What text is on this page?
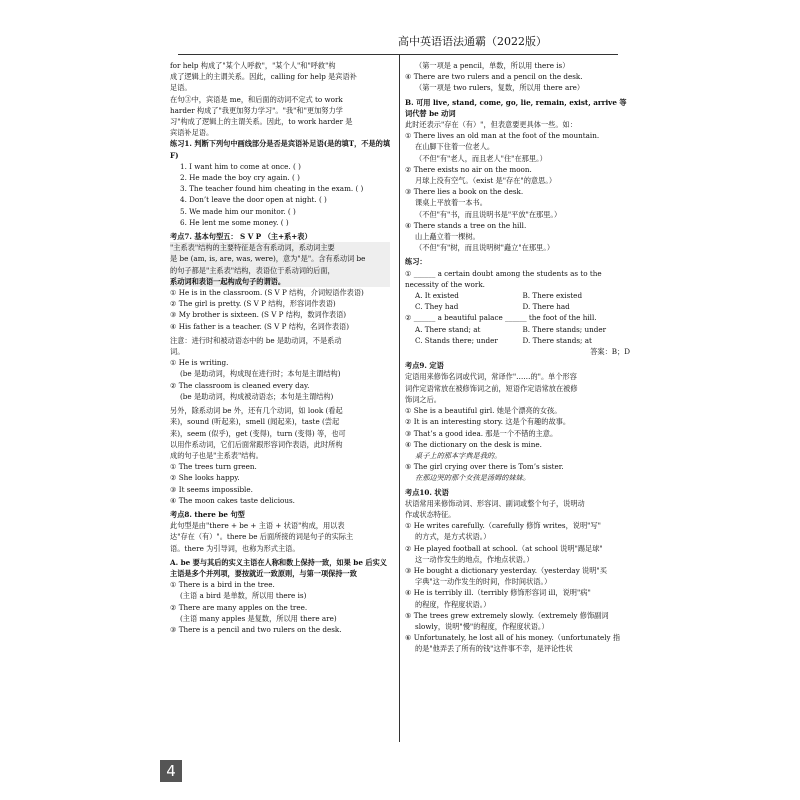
高中英语语法通霸（2022版）

for help 构成了"某个人呼救"，"某个人"和"呼救"构

成了逻辑上的主谓关系。因此，calling for help 是宾语补

足语。

在句③中，宾语是 me，和后面的动词不定式 to work

harder 构成了"我更加努力学习"。"我"和"更加努力学

习"构成了逻辑上的主谓关系。因此，to work harder 是

宾语补足语。

练习1. 判断下列句中画线部分是否是宾语补足语(是的填T，不是的填F)

1. I want him to come at once. ( )

2. He made the boy cry again. ( )

3. The teacher found him cheating in the exam. ( )

4. Don’t leave the door open at night. ( )

5. We made him our monitor. ( )

6. He lent me some money. ( )

考点7. 基本句型五： S V P （主+系+表）

"主系表"结构的主要特征是含有系动词，系动词主要

是 be (am, is, are, was, were)，意为"是"。含有系动词 be

的句子都是"主系表"结构，表语位于系动词的后面，

系动词和表语一起构成句子的谓语。

① He is in the classroom. (S V P 结构，介词短语作表语)

② The girl is pretty. (S V P 结构，形容词作表语)

③ My brother is sixteen. (S V P 结构，数词作表语)

④ His father is a teacher. (S V P 结构，名词作表语)

注意：进行时和被动语态中的 be 是助动词，不是系动

词。

① He is writing.

(be 是助动词，构成现在进行时；本句是主谓结构)

② The classroom is cleaned every day.

(be 是助动词，构成被动语态；本句是主谓结构)

另外，除系动词 be 外，还有几个动词，如 look (看起

来)，sound (听起来)，smell (闻起来)，taste (尝起

来)，seem (似乎)，get (变得)，turn (变得) 等，也可

以用作系动词，它们后面常跟形容词作表语，此时所构

成的句子也是"主系表"结构。

① The trees turn green.

② She looks happy.

③ It seems impossible.

④ The moon cakes taste delicious.

考点8. there be 句型

此句型是由"there + be + 主语 + 状语"构成，用以表

达"存在（有）"。there be 后面所接的词是句子的实际主

语。there 为引导词，也称为形式主语。

A. be 要与其后的实义主语在人称和数上保持一致，如果 be 后实义主语是多个并列项，要按就近一致原则，与第一项保持一致

① There is a bird in the tree.

(主语 a bird 是单数，所以用 there is)

② There are many apples on the tree.

(主语 many apples 是复数，所以用 there are)

③ There is a pencil and two rulers on the desk.

（第一项是 a pencil，单数，所以用 there is）

④ There are two rulers and a pencil on the desk.

（第一项是 two rulers，复数，所以用 there are）

B. 可用 live, stand, come, go, lie, remain, exist, arrive 等词代替 be 动词

此时还表示"存在（有）"，但表意要更具体一些。如：

① There lives an old man at the foot of the mountain.

在山脚下住着一位老人。

（不但"有"老人，而且老人"住"在那里。）

② There exists no air on the moon.

月球上没有空气。（exist 是"存在"的意思。）

③ There lies a book on the desk.

课桌上平放着一本书。

（不但"有"书，而且说明书是"平放"在那里。）

④ There stands a tree on the hill.

山上矗立着一棵树。

（不但"有"树，而且说明树"矗立"在那里。）

练习：

① ______ a certain doubt among the students as to the necessity of the work.

A. It existed	B. There existed
C. They had	D. There had

② ______ a beautiful palace ______ the foot of the hill.

A. There stand; at	B. There stands; under
C. Stands there; under	D. There stands; at

答案：B；D

考点9. 定语

定语用来修饰名词或代词，常译作"……的"。单个形容

词作定语常放在被修饰词之前，短语作定语常放在被修

饰词之后。

① She is a beautiful girl. 她是个漂亮的女孩。

② It is an interesting story. 这是个有趣的故事。

③ That’s a good idea. 那是一个不错的主意。

④ The dictionary on the desk is mine.

桌子上的那本字典是我的。

⑤ The girl crying over there is Tom’s sister.

在那边哭的那个女孩是汤姆的妹妹。

考点10. 状语

状语常用来修饰动词、形容词、副词或整个句子，说明动

作或状态特征。

① He writes carefully.（carefully 修饰 writes，说明"写"

的方式，是方式状语。）

② He played football at school.（at school 说明"踢足球"

这一动作发生的地点，作地点状语。）

③ He bought a dictionary yesterday.（yesterday 说明"买

字典"这一动作发生的时间，作时间状语。）

④ He is terribly ill.（terribly 修饰形容词 ill，说明"病"

的程度，作程度状语。）

⑤ The trees grew extremely slowly.（extremely 修饰副词

slowly，说明"慢"的程度，作程度状语。）

⑥ Unfortunately, he lost all of his money.（unfortunately 指

的是"他弄丢了所有的钱"这件事不幸，是评论性状

4
